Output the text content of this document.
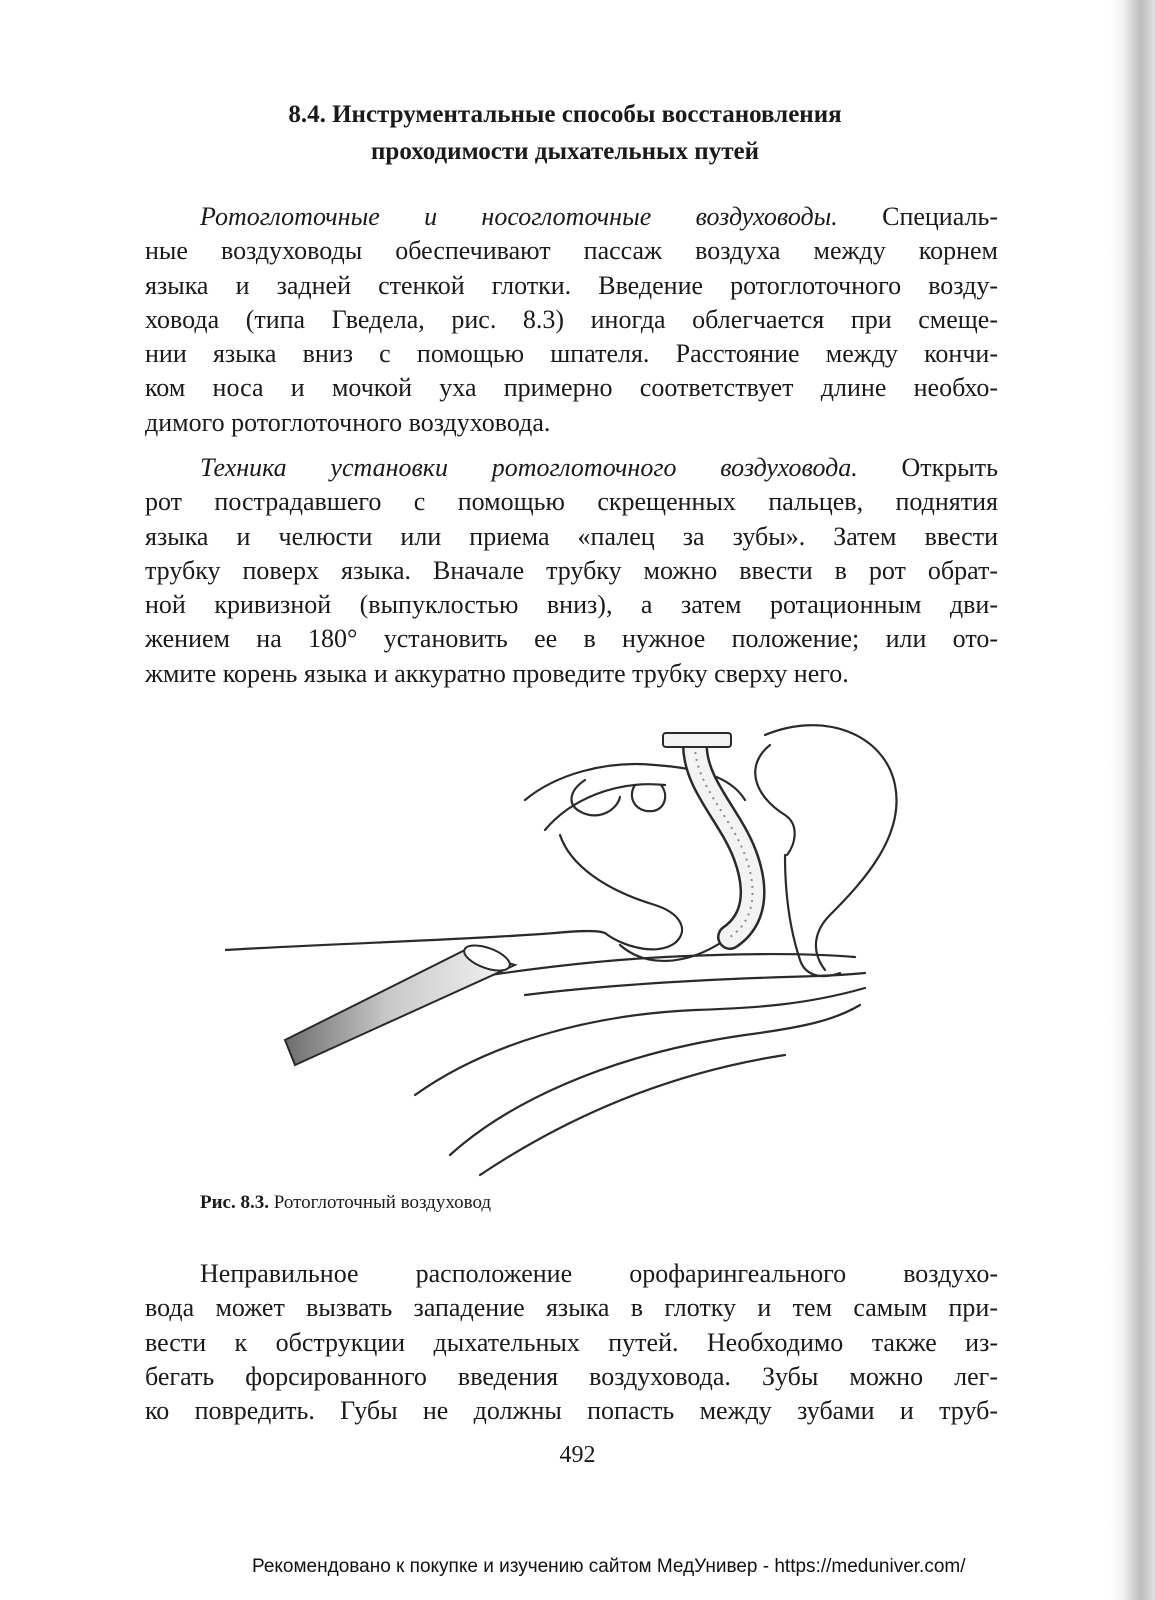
8.4. Инструментальные способы восстановления
проходимости дыхательных путей

Ротоглоточные и носоглоточные воздуховоды. Специаль-
ные воздуховоды обеспечивают пассаж воздуха между корнем
языка и задней стенкой глотки. Введение ротоглоточного возду-
ховода (типа Гведела, рис. 8.3) иногда облегчается при смеще-
нии языка вниз с помощью шпателя. Расстояние между кончи-
ком носа и мочкой уха примерно соответствует длине необхо-
димого ротоглоточного воздуховода.

Техника установки ротоглоточного воздуховода. Открыть
рот пострадавшего с помощью скрещенных пальцев, поднятия
языка и челюсти или приема «палец за зубы». Затем ввести
трубку поверх языка. Вначале трубку можно ввести в рот обрат-
ной кривизной (выпуклостью вниз), а затем ротационным дви-
жением на 180° установить ее в нужное положение; или ото-
жмите корень языка и аккуратно проведите трубку сверху него.

Рис. 8.3. Ротоглоточный воздуховод

Неправильное расположение орофарингеального воздухо-
вода может вызвать западение языка в глотку и тем самым при-
вести к обструкции дыхательных путей. Необходимо также из-
бегать форсированного введения воздуховода. Зубы можно лег-
ко повредить. Губы не должны попасть между зубами и труб-

492

Рекомендовано к покупке и изучению сайтом МедУнивер - https://meduniver.com/
